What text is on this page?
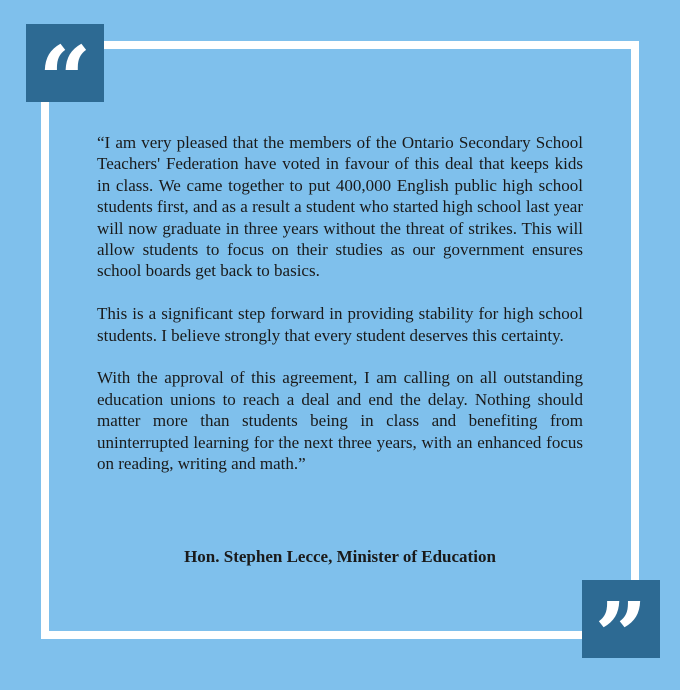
“

“I am very pleased that the members of the Ontario Secondary School Teachers' Federation have voted in favour of this deal that keeps kids in class. We came together to put 400,000 English public high school students first, and as a result a student who started high school last year will now graduate in three years without the threat of strikes. This will allow students to focus on their studies as our government ensures school boards get back to basics.

This is a significant step forward in providing stability for high school students. I believe strongly that every student deserves this certainty.

With the approval of this agreement, I am calling on all outstanding education unions to reach a deal and end the delay. Nothing should matter more than students being in class and benefiting from uninterrupted learning for the next three years, with an enhanced focus on reading, writing and math.”

Hon. Stephen Lecce, Minister of Education
”
